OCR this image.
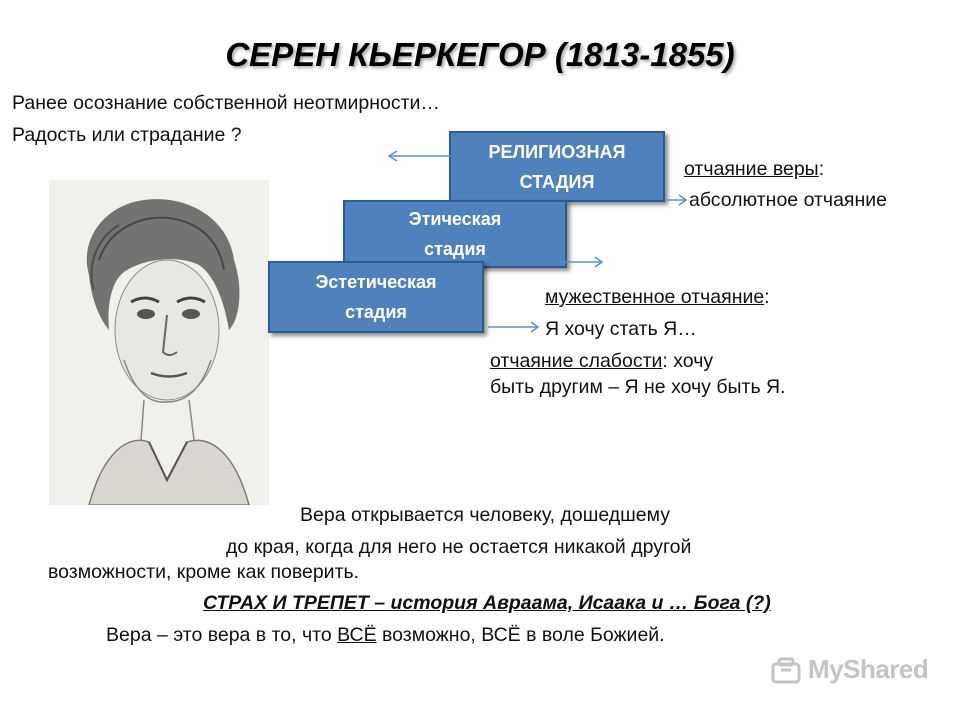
СЕРЕН КЬЕРКЕГОР (1813-1855)
Ранее осознание собственной неотмирности…
Радость или страдание ?
РЕЛИГИОЗНАЯ
СТАДИЯ
Этическая
стадия
Эстетическая
стадия
отчаяние веры:
абсолютное отчаяние
мужественное отчаяние:
Я хочу стать Я…
отчаяние слабости: хочу
быть другим – Я не хочу быть Я.
Вера открывается человеку, дошедшему
до края, когда для него не остается никакой другой
возможности, кроме как поверить.
СТРАХ И ТРЕПЕТ – история Авраама, Исаака и … Бога (?)
Вера – это вера в то, что ВСЁ возможно, ВСЁ в воле Божией.
MyShared
